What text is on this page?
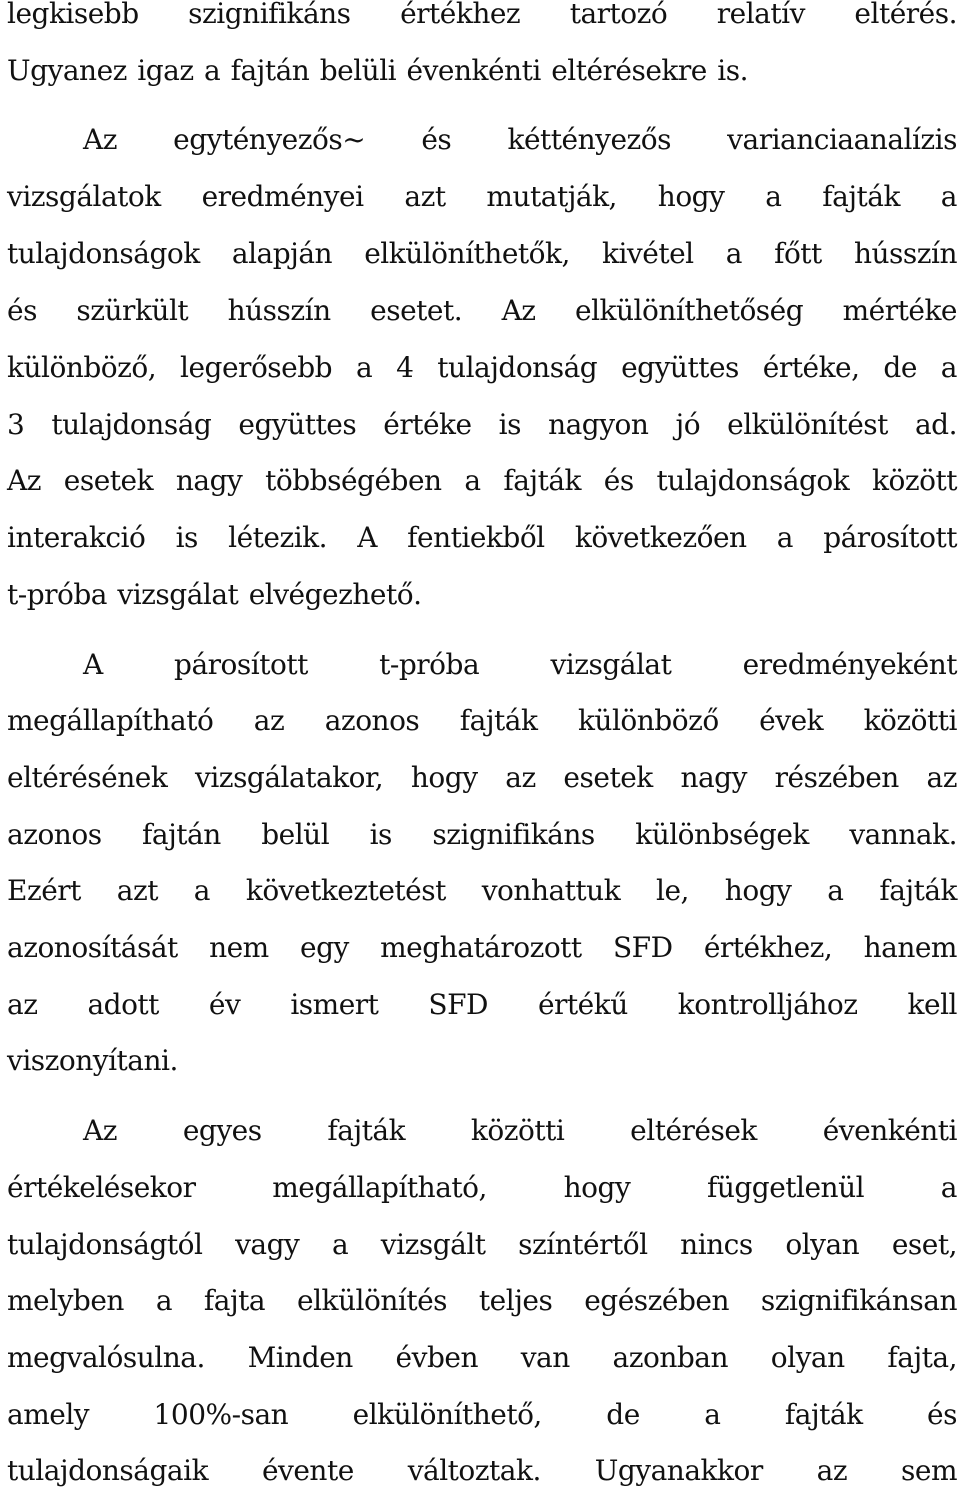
legkisebb szignifikáns értékhez tartozó relatív eltérés.
Ugyanez igaz a fajtán belüli évenkénti eltérésekre is.
Az egytényezős~ és kéttényezős varianciaanalízis
vizsgálatok eredményei azt mutatják, hogy a fajták a
tulajdonságok alapján elkülöníthetők, kivétel a főtt hússzín
és szürkült hússzín esetet. Az elkülöníthetőség mértéke
különböző, legerősebb a 4 tulajdonság együttes értéke, de a
3 tulajdonság együttes értéke is nagyon jó elkülönítést ad.
Az esetek nagy többségében a fajták és tulajdonságok között
interakció is létezik. A fentiekből következően a párosított
t-próba vizsgálat elvégezhető.
A párosított t-próba vizsgálat eredményeként
megállapítható az azonos fajták különböző évek közötti
eltérésének vizsgálatakor, hogy az esetek nagy részében az
azonos fajtán belül is szignifikáns különbségek vannak.
Ezért azt a következtetést vonhattuk le, hogy a fajták
azonosítását nem egy meghatározott SFD értékhez, hanem
az adott év ismert SFD értékű kontrolljához kell
viszonyítani.
Az egyes fajták közötti eltérések évenkénti
értékelésekor megállapítható, hogy függetlenül a
tulajdonságtól vagy a vizsgált színtértől nincs olyan eset,
melyben a fajta elkülönítés teljes egészében szignifikánsan
megvalósulna. Minden évben van azonban olyan fajta,
amely 100%-san elkülöníthető, de a fajták és
tulajdonságaik évente változtak. Ugyanakkor az sem
